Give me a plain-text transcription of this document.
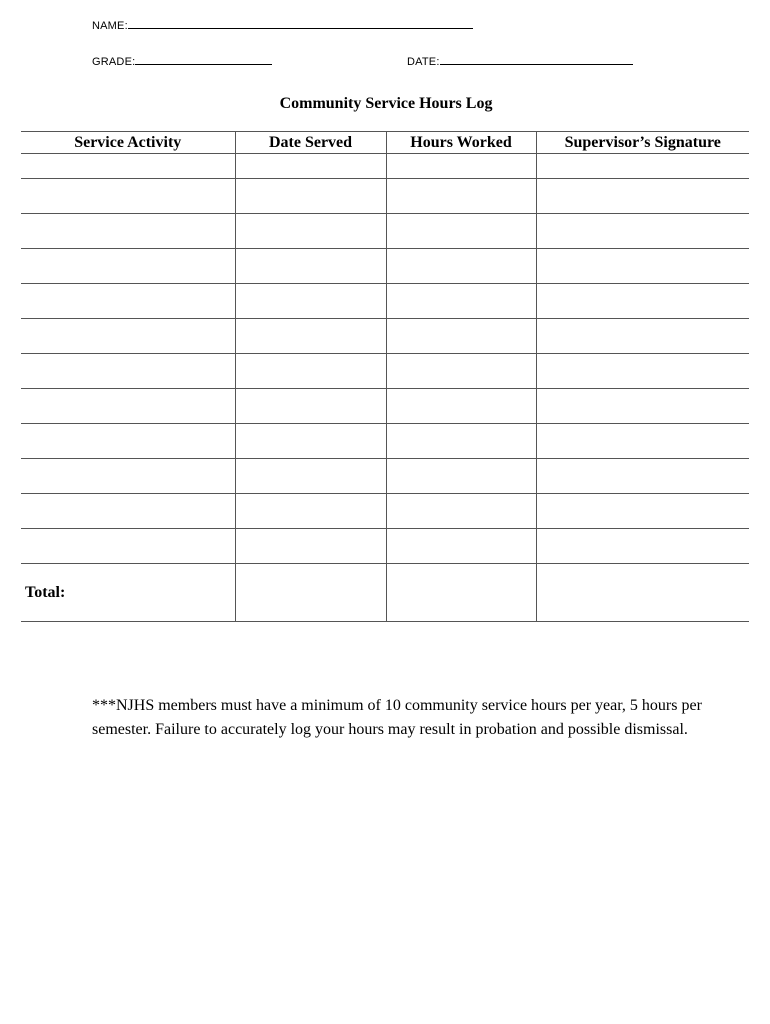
NAME:
GRADE:	DATE:
Community Service Hours Log
Service Activity	Date Served	Hours Worked	Supervisor’s Signature

Total:			
***NJHS members must have a minimum of 10 community service hours per year, 5 hours per semester. Failure to accurately log your hours may result in probation and possible dismissal.
